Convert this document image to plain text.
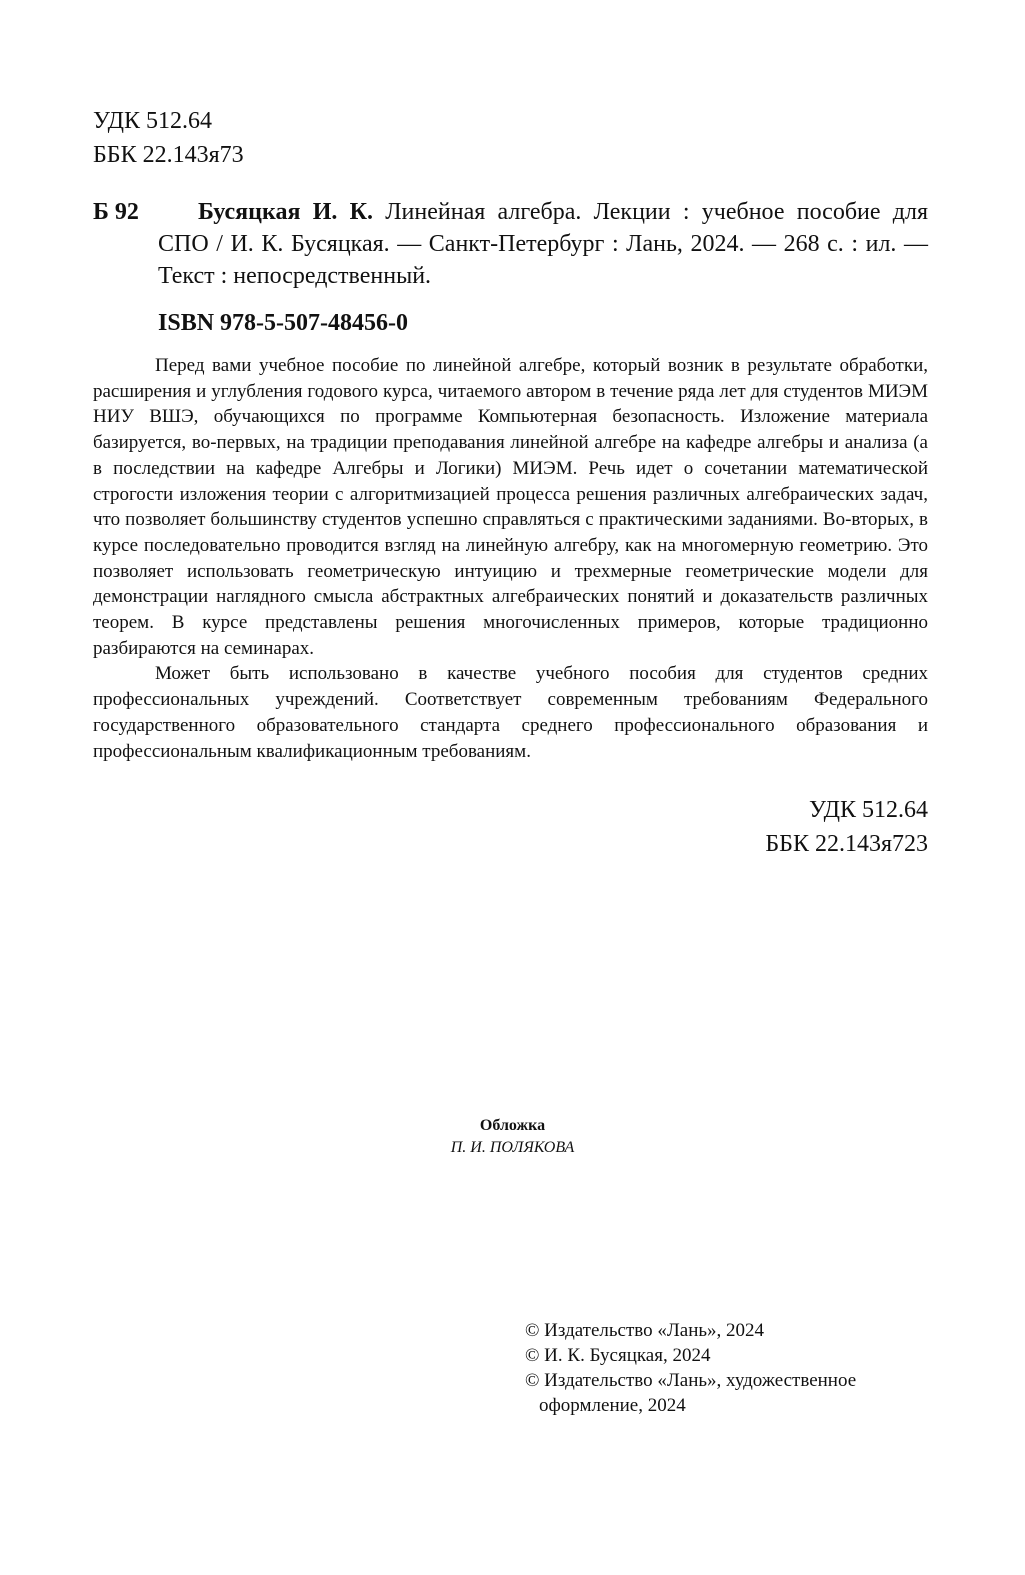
УДК 512.64
ББК 22.143я73
Б 92	Бусяцкая И. К. Линейная алгебра. Лекции : учебное пособие для СПО / И. К. Бусяцкая. — Санкт-Петербург : Лань, 2024. — 268 с. : ил. — Текст : непосредственный.
ISBN 978-5-507-48456-0

Перед вами учебное пособие по линейной алгебре, который возник в результате обработки, расширения и углубления годового курса, читаемого автором в течение ряда лет для студентов МИЭМ НИУ ВШЭ, обучающихся по программе Компьютерная безопасность. Изложение материала базируется, во-первых, на традиции преподавания линейной алгебре на кафедре алгебры и анализа (а в последствии на кафедре Алгебры и Логики) МИЭМ. Речь идет о сочетании математической строгости изложения теории с алгоритмизацией процесса решения различных алгебраических задач, что позволяет большинству студентов успешно справляться с практическими заданиями. Во-вторых, в курсе последовательно проводится взгляд на линейную алгебру, как на многомерную геометрию. Это позволяет использовать геометрическую интуицию и трехмерные геометрические модели для демонстрации наглядного смысла абстрактных алгебраических понятий и доказательств различных теорем. В курсе представлены решения многочисленных примеров, которые традиционно разбираются на семинарах.

Может быть использовано в качестве учебного пособия для студентов средних профессиональных учреждений. Соответствует современным требованиям Федерального государственного образовательного стандарта среднего профессионального образования и профессиональным квалификационным требованиям.

УДК 512.64
ББК 22.143я723
Обложка
П. И. ПОЛЯКОВА
© Издательство «Лань», 2024
© И. К. Бусяцкая, 2024
© Издательство «Лань», художественное
оформление, 2024
